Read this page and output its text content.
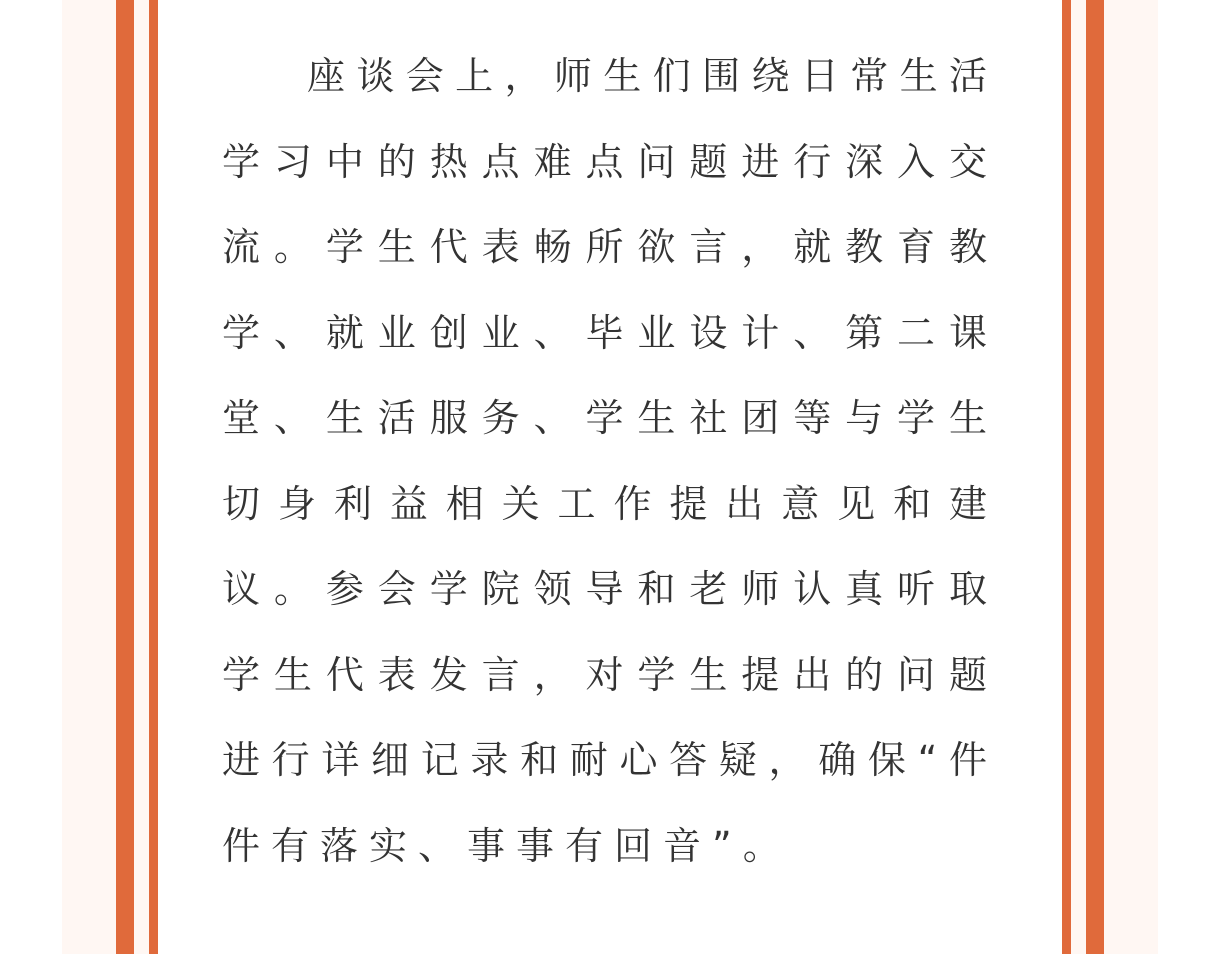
座谈会上，师生们围绕日常生活学习中的热点难点问题进行深入交流。学生代表畅所欲言，就教育教学、就业创业、毕业设计、第二课堂、生活服务、学生社团等与学生切身利益相关工作提出意见和建议。参会学院领导和老师认真听取学生代表发言，对学生提出的问题进行详细记录和耐心答疑，确保“件件有落实、事事有回音”。
